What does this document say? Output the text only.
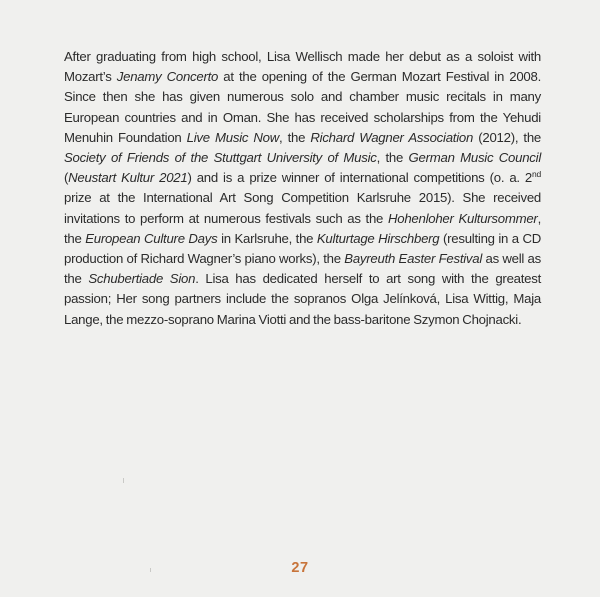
After graduating from high school, Lisa Wellisch made her debut as a soloist with Mozart’s Jenamy Concerto at the opening of the German Mozart Festival in 2008. Since then she has given numerous solo and chamber music recitals in many European countries and in Oman. She has received scholarships from the Yehudi Menuhin Foundation Live Music Now, the Richard Wagner Association (2012), the Society of Friends of the Stuttgart University of Music, the German Music Council (Neustart Kultur 2021) and is a prize winner of international competitions (o. a. 2nd prize at the International Art Song Competition Karlsruhe 2015). She received invitations to perform at numerous festivals such as the Hohenloher Kultursommer, the European Culture Days in Karlsruhe, the Kulturtage Hirschberg (resulting in a CD production of Richard Wagner’s piano works), the Bayreuth Easter Festival as well as the Schubertiade Sion. Lisa has dedicated herself to art song with the greatest passion; Her song partners include the sopranos Olga Jelínková, Lisa Wittig, Maja Lange, the mezzo-soprano Marina Viotti and the bass-baritone Szymon Chojnacki.

27
